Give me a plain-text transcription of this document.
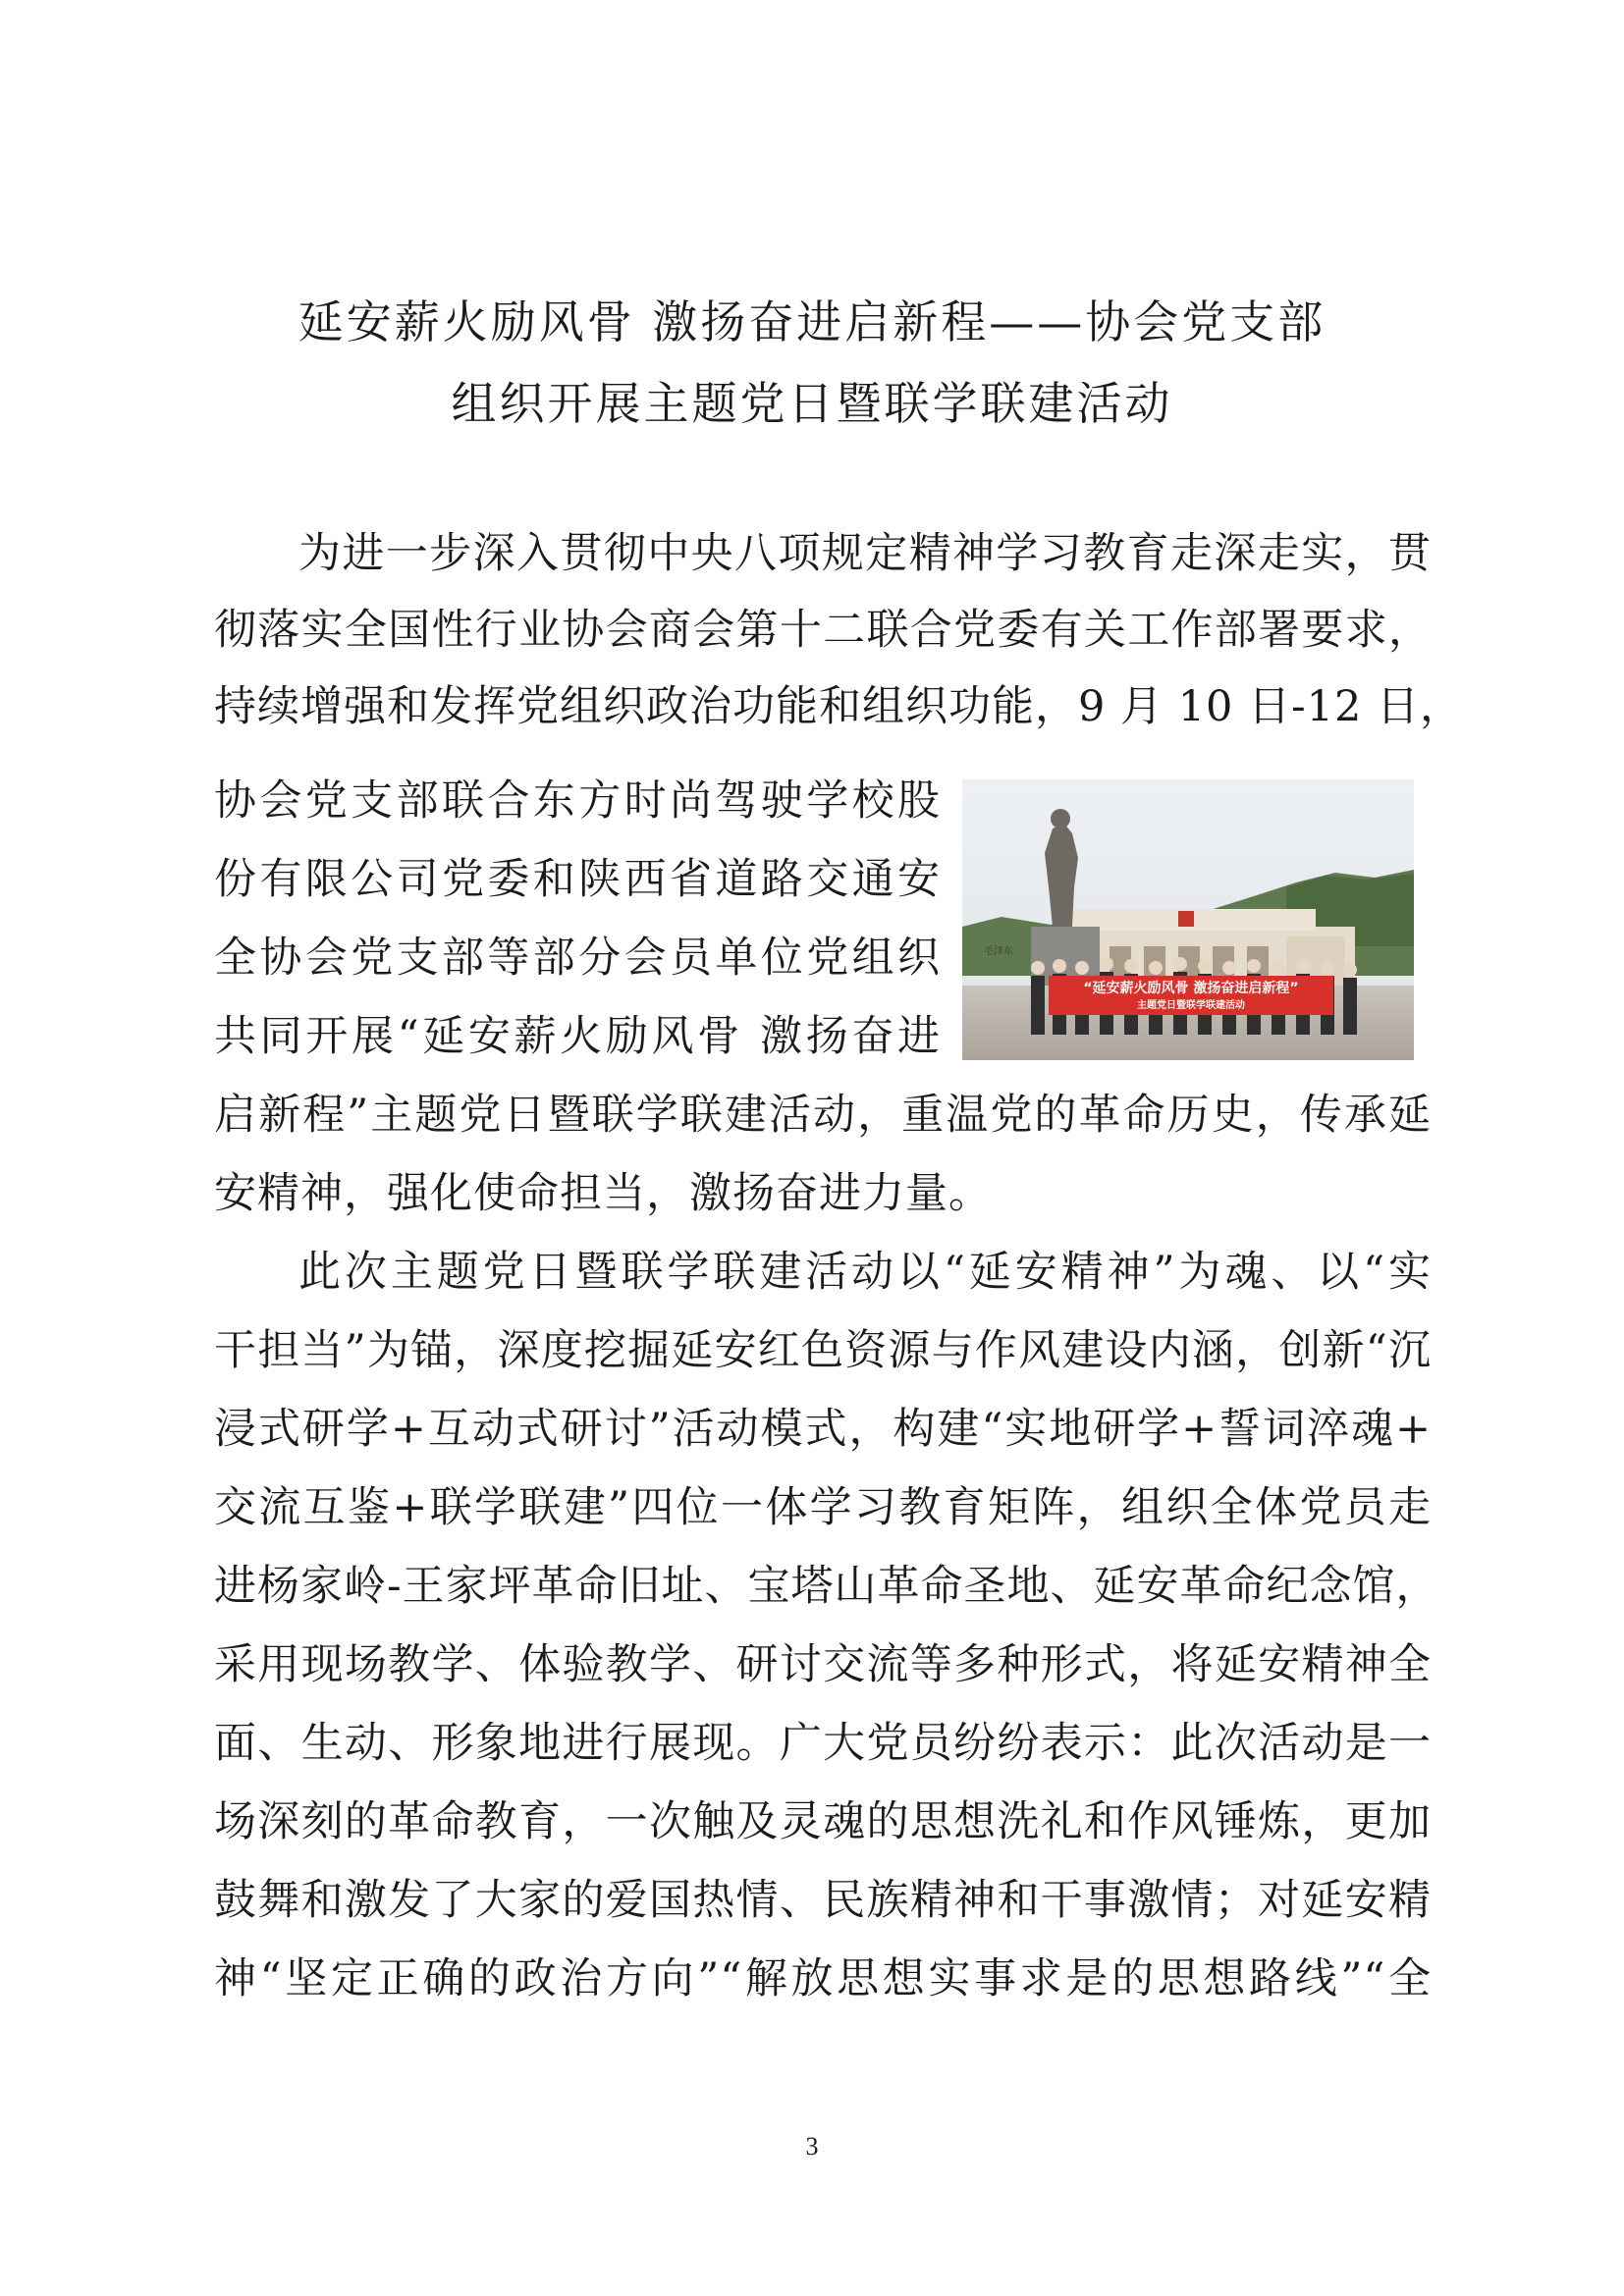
延安薪火励风骨 激扬奋进启新程——协会党支部
组织开展主题党日暨联学联建活动
为进一步深入贯彻中央八项规定精神学习教育走深走实，贯
彻落实全国性行业协会商会第十二联合党委有关工作部署要求，
持续增强和发挥党组织政治功能和组织功能，9 月 10 日-12 日，
协会党支部联合东方时尚驾驶学校股
份有限公司党委和陕西省道路交通安
全协会党支部等部分会员单位党组织
共同开展“延安薪火励风骨 激扬奋进
启新程”主题党日暨联学联建活动，重温党的革命历史，传承延
安精神，强化使命担当，激扬奋进力量。
毛泽东
“延安薪火励风骨 激扬奋进启新程”
主题党日暨联学联建活动
此次主题党日暨联学联建活动以“延安精神”为魂、以“实
干担当”为锚，深度挖掘延安红色资源与作风建设内涵，创新“沉
浸式研学+互动式研讨”活动模式，构建“实地研学+誓词淬魂+
交流互鉴+联学联建”四位一体学习教育矩阵，组织全体党员走
进杨家岭-王家坪革命旧址、宝塔山革命圣地、延安革命纪念馆，
采用现场教学、体验教学、研讨交流等多种形式，将延安精神全
面、生动、形象地进行展现。广大党员纷纷表示：此次活动是一
场深刻的革命教育，一次触及灵魂的思想洗礼和作风锤炼，更加
鼓舞和激发了大家的爱国热情、民族精神和干事激情；对延安精
神“坚定正确的政治方向”“解放思想实事求是的思想路线”“全
3
